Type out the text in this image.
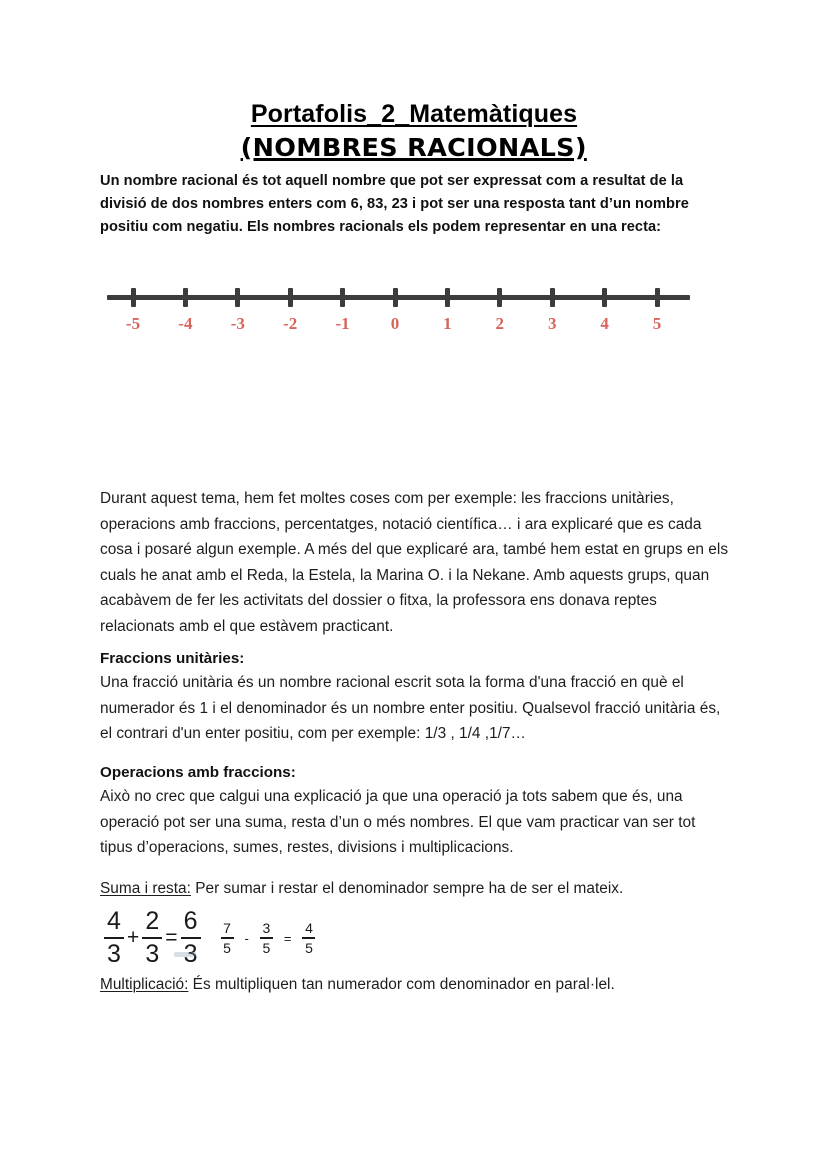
Portafolis_2_Matemàtiques
(NOMBRES RACIONALS)
Un nombre racional és tot aquell nombre que pot ser expressat com a resultat de la divisió de dos nombres enters com 6, 83, 23 i pot ser una resposta tant d’un nombre positiu com negatiu. Els nombres racionals els podem representar en una recta:
-5	-4	-3	-2	-1	0	1	2	3	4	5
Durant aquest tema, hem fet moltes coses com per exemple: les fraccions unitàries, operacions amb fraccions, percentatges, notació científica… i ara explicaré que es cada cosa i posaré algun exemple. A més del que explicaré ara, també hem estat en grups en els cuals he anat amb el Reda, la Estela, la Marina O. i la Nekane. Amb aquests grups, quan acabàvem de fer les activitats del dossier o fitxa, la professora ens donava reptes relacionats amb el que estàvem practicant.
Fraccions unitàries:
Una fracció unitària és un nombre racional escrit sota la forma d'una fracció en què el numerador és 1 i el denominador és un nombre enter positiu. Qualsevol fracció unitària és, el contrari d'un enter positiu, com per exemple: 1/3 , 1/4 ,1/7…
Operacions amb fraccions:
Això no crec que calgui una explicació ja que una operació ja tots sabem que és, una operació pot ser una suma, resta d’un o més nombres. El que vam practicar van ser tot tipus d’operacions, sumes, restes, divisions i multiplicacions.
Suma i resta: Per sumar i restar el denominador sempre ha de ser el mateix.
$\frac{4}{3} + \frac{2}{3} = \frac{6}{3} \frac{7}{5} - \frac{3}{5} = \frac{4}{5}$
Multiplicació: És multipliquen tan numerador com denominador en paral·lel.
